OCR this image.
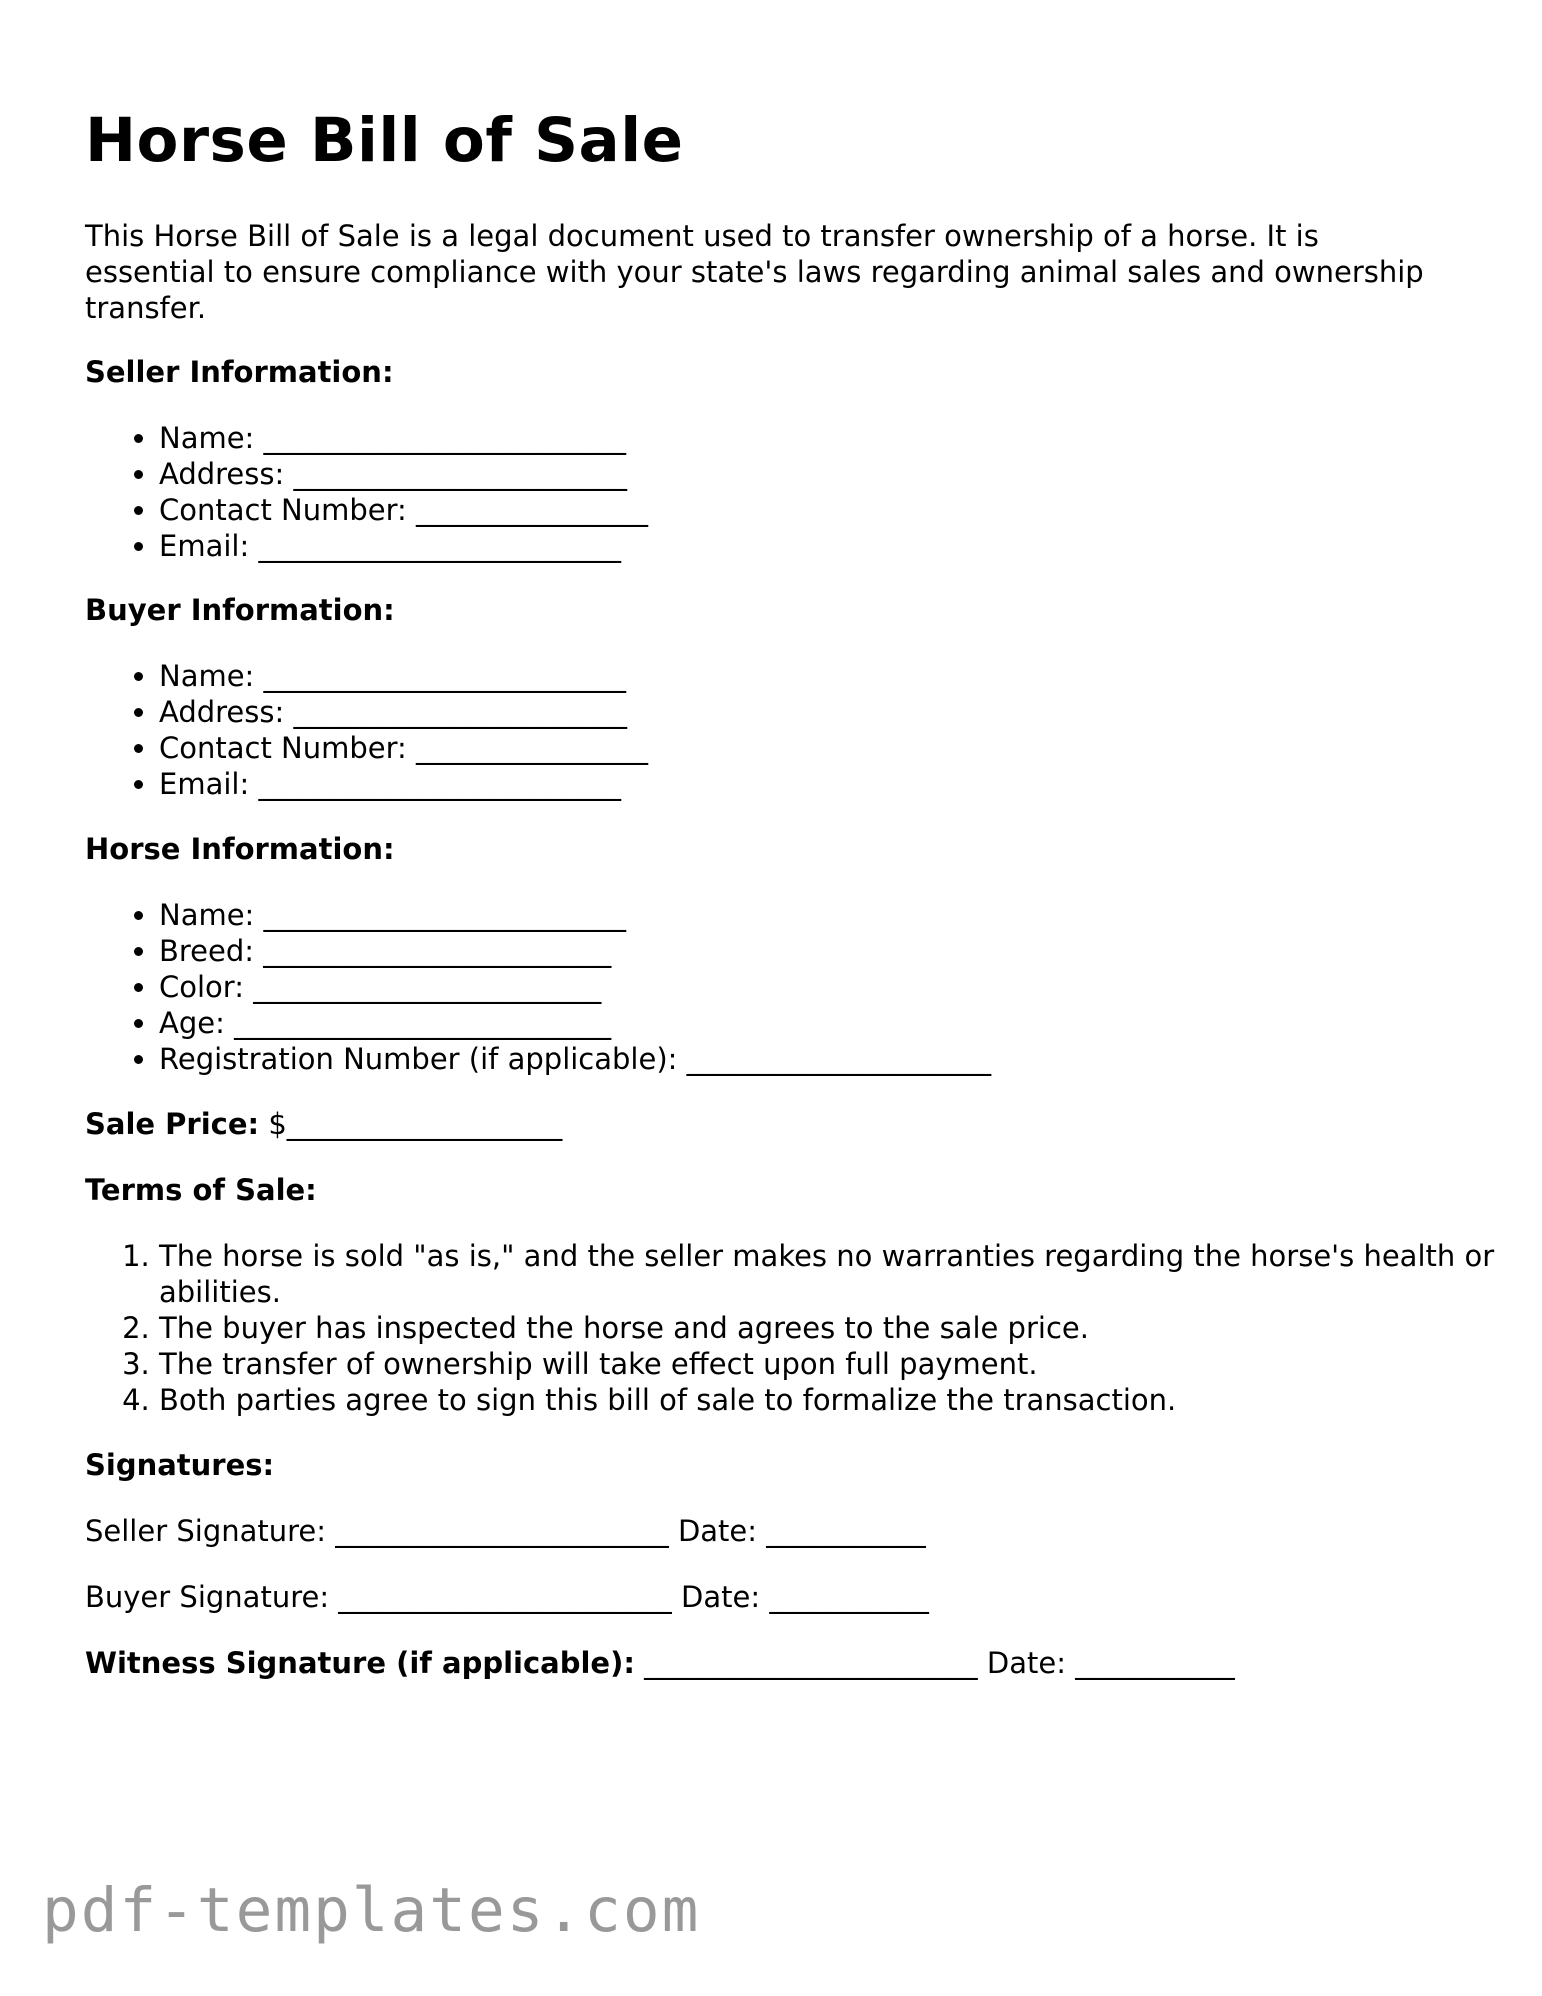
Horse Bill of Sale

This Horse Bill of Sale is a legal document used to transfer ownership of a horse. It is essential to ensure compliance with your state's laws regarding animal sales and ownership transfer.

Seller Information:

• Name: _________________________
• Address: _______________________
• Contact Number: ________________
• Email: _________________________

Buyer Information:

• Name: _________________________
• Address: _______________________
• Contact Number: ________________
• Email: _________________________

Horse Information:

• Name: _________________________
• Breed: ________________________
• Color: ________________________
• Age: __________________________
• Registration Number (if applicable): _____________________

Sale Price: $___________________

Terms of Sale:

1. The horse is sold "as is," and the seller makes no warranties regarding the horse's health or abilities.
2. The buyer has inspected the horse and agrees to the sale price.
3. The transfer of ownership will take effect upon full payment.
4. Both parties agree to sign this bill of sale to formalize the transaction.

Signatures:

Seller Signature: _______________________ Date: ___________

Buyer Signature: _______________________ Date: ___________

Witness Signature (if applicable): _______________________ Date: ___________

pdf-templates.com
